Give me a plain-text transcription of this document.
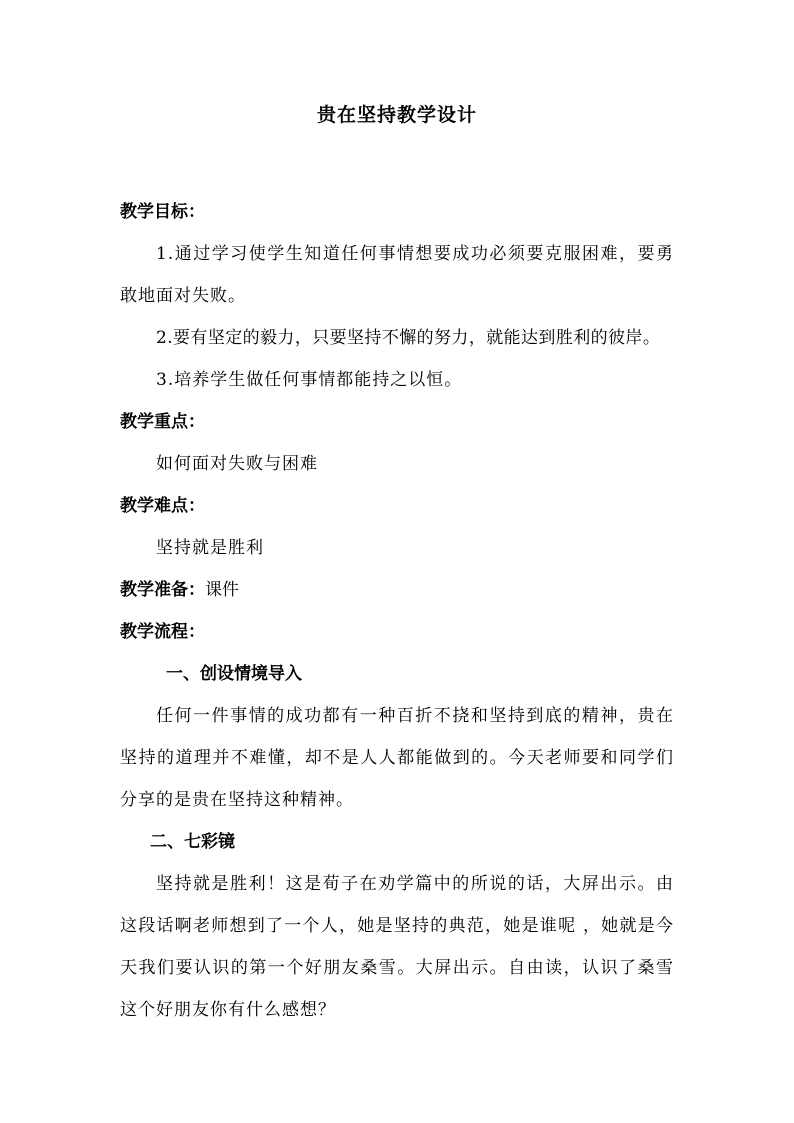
贵在坚持教学设计
教学目标：

1.通过学习使学生知道任何事情想要成功必须要克服困难，要勇敢地面对失败。

2.要有坚定的毅力，只要坚持不懈的努力，就能达到胜利的彼岸。

3.培养学生做任何事情都能持之以恒。

教学重点：

如何面对失败与困难

教学难点：

坚持就是胜利

教学准备：课件
教学流程：
一、创设情境导入

任何一件事情的成功都有一种百折不挠和坚持到底的精神，贵在坚持的道理并不难懂，却不是人人都能做到的。今天老师要和同学们分享的是贵在坚持这种精神。

二、七彩镜

坚持就是胜利！这是荀子在劝学篇中的所说的话，大屏出示。由这段话啊老师想到了一个人，她是坚持的典范，她是谁呢 ，她就是今天我们要认识的第一个好朋友桑雪。大屏出示。自由读，认识了桑雪这个好朋友你有什么感想？
